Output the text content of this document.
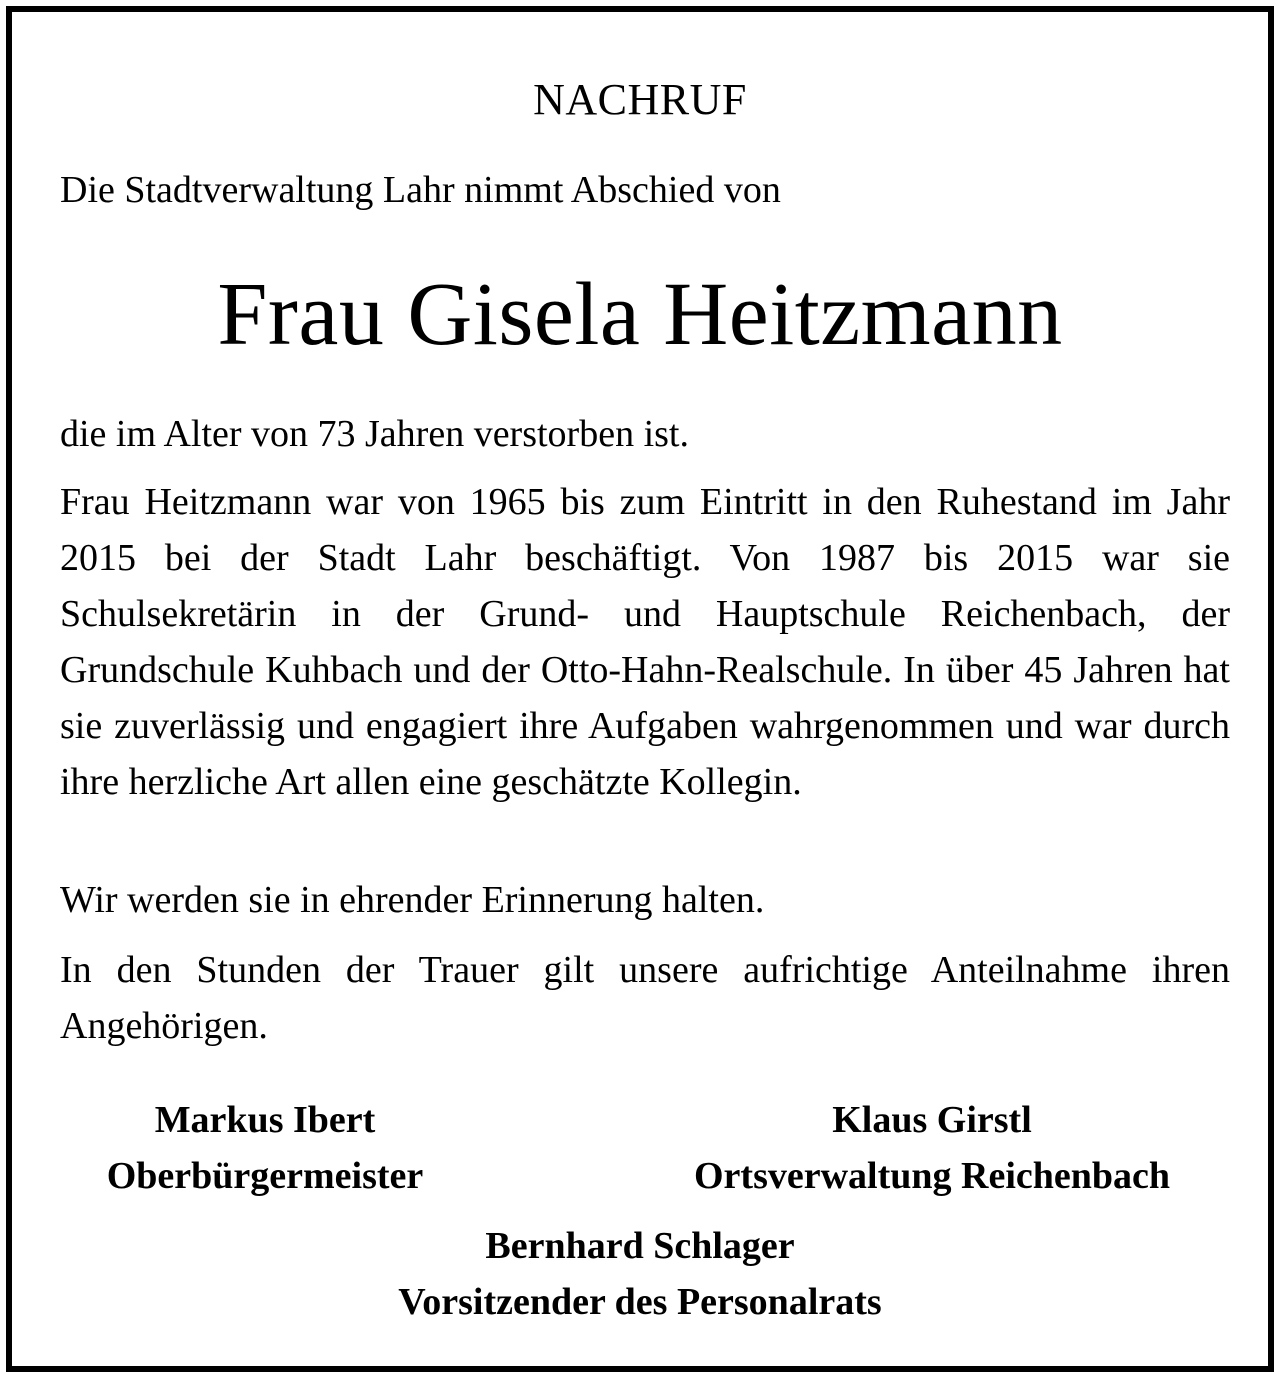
NACHRUF
Die Stadtverwaltung Lahr nimmt Abschied von
Frau Gisela Heitzmann
die im Alter von 73 Jahren verstorben ist.
Frau Heitzmann war von 1965 bis zum Eintritt in den Ruhestand im Jahr 2015 bei der Stadt Lahr beschäftigt. Von 1987 bis 2015 war sie Schulsekretärin in der Grund- und Hauptschule Reichenbach, der Grundschule Kuhbach und der Otto-Hahn-Realschule. In über 45 Jahren hat sie zuverlässig und engagiert ihre Aufgaben wahrgenommen und war durch ihre herzliche Art allen eine geschätzte Kollegin.
Wir werden sie in ehrender Erinnerung halten.
In den Stunden der Trauer gilt unsere aufrichtige Anteilnahme ihren Angehörigen.
Markus Ibert
Oberbürgermeister
Klaus Girstl
Ortsverwaltung Reichenbach
Bernhard Schlager
Vorsitzender des Personalrats
